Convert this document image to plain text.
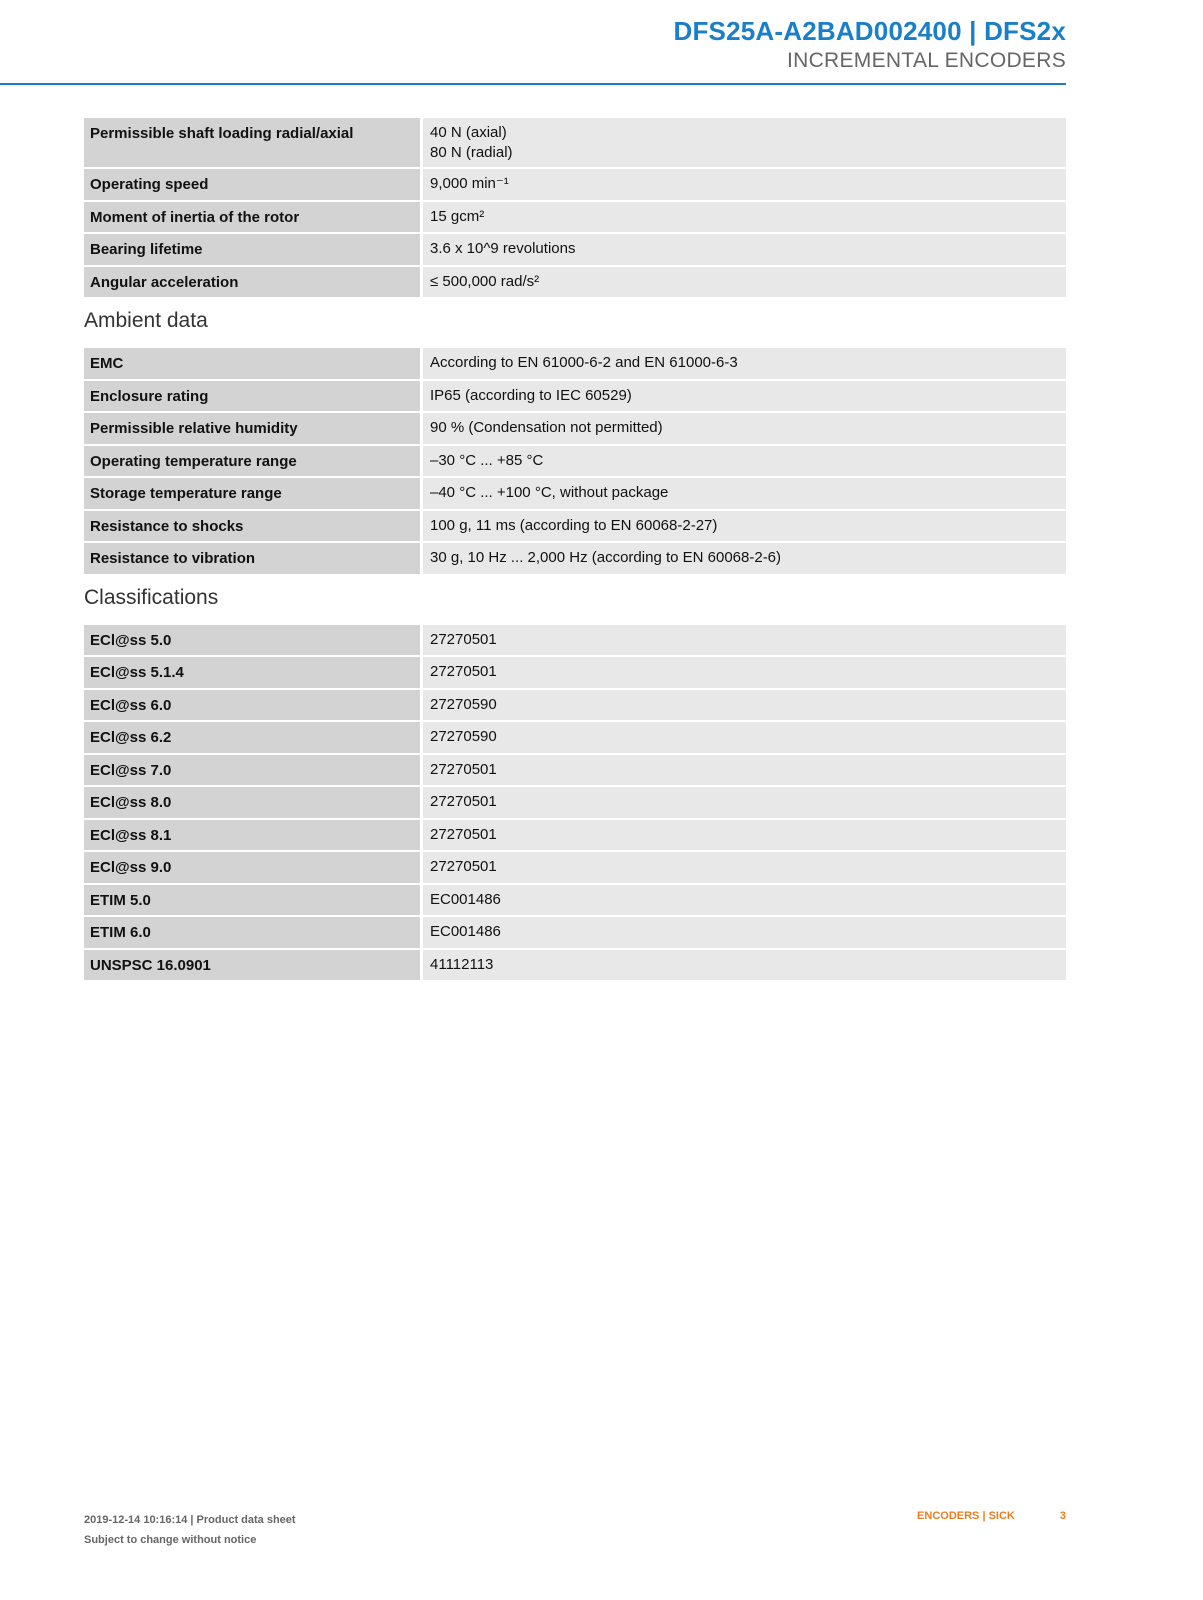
DFS25A-A2BAD002400 | DFS2x
INCREMENTAL ENCODERS
Permissible shaft loading radial/axial	40 N (axial)
80 N (radial)

Operating speed	9,000 min⁻¹
Moment of inertia of the rotor	15 gcm²
Bearing lifetime	3.6 x 10^9 revolutions
Angular acceleration	≤ 500,000 rad/s²
Ambient data
EMC	According to EN 61000-6-2 and EN 61000-6-3
Enclosure rating	IP65 (according to IEC 60529)
Permissible relative humidity	90 % (Condensation not permitted)
Operating temperature range	–30 °C ... +85 °C
Storage temperature range	–40 °C ... +100 °C, without package
Resistance to shocks	100 g, 11 ms (according to EN 60068-2-27)
Resistance to vibration	30 g, 10 Hz ... 2,000 Hz (according to EN 60068-2-6)
Classifications
ECl@ss 5.0	27270501
ECl@ss 5.1.4	27270501
ECl@ss 6.0	27270590
ECl@ss 6.2	27270590
ECl@ss 7.0	27270501
ECl@ss 8.0	27270501
ECl@ss 8.1	27270501
ECl@ss 9.0	27270501
ETIM 5.0	EC001486
ETIM 6.0	EC001486
UNSPSC 16.0901	41112113
2019-12-14 10:16:14 | Product data sheet
Subject to change without notice
ENCODERS | SICK	3
